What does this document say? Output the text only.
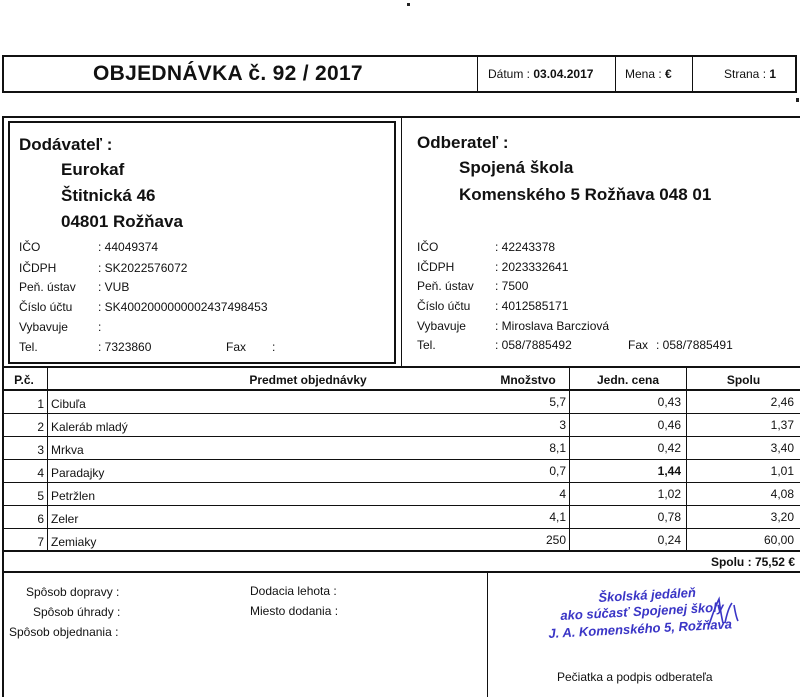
OBJEDNÁVKA č. 92 / 2017	Dátum : 03.04.2017	Mena : €	Strana : 1
Dodávateľ :
Eurokaf
Štitnická 46
04801 Rožňava
IČO	: 44049374
IČDPH	: SK2022576072
Peň. ústav : VUB
Číslo účtu : SK4002000000002437498453
Vybavuje	:
Tel.	: 7323860	Fax :
Odberateľ :
Spojená škola
Komenského 5 Rožňava 048 01
IČO	: 42243378
IČDPH	: 2023332641
Peň. ústav : 7500
Číslo účtu : 4012585171
Vybavuje : Miroslava Barcziová
Tel.	: 058/7885492	Fax : 058/7885491
P.č.	Predmet objednávky	Množstvo	Jedn. cena	Spolu
1 Cibuľa	5,7	0,43	2,46
2 Kaleráb mladý	3	0,46	1,37
3 Mrkva	8,1	0,42	3,40
4 Paradajky	0,7	1,44	1,01
5 Petržlen	4	1,02	4,08
6 Zeler	4,1	0,78	3,20
7 Zemiaky	250	0,24	60,00
Spolu : 75,52 €
Spôsob dopravy :
Spôsob úhrady :
Spôsob objednania :
Dodacia lehota :
Miesto dodania :
Školská jedáleň
ako súčasť Spojenej školy
J. A. Komenského 5, Rožňava
Pečiatka a podpis odberateľa
